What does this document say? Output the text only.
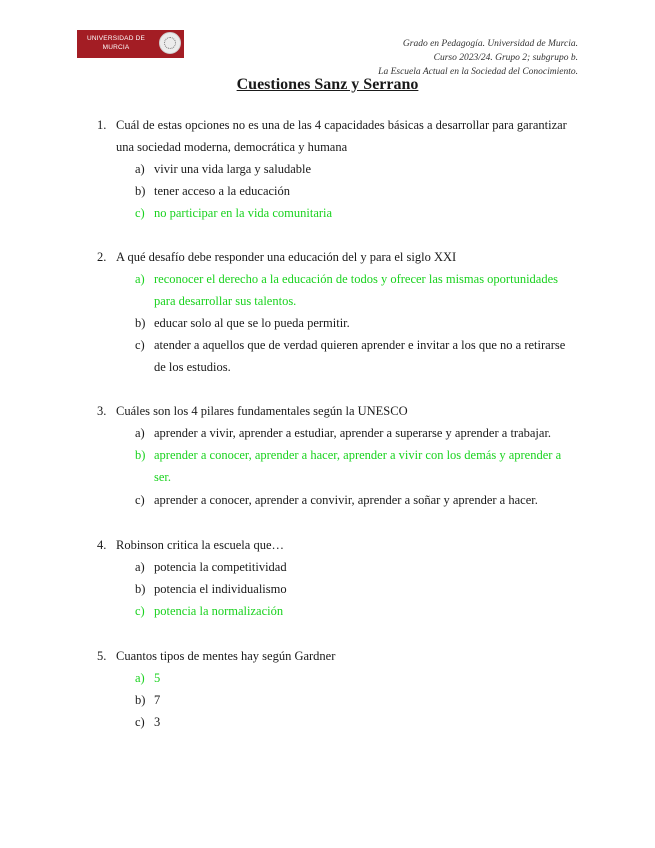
UNIVERSIDAD DE MURCIA	Grado en Pedagogía. Universidad de Murcia.
Curso 2023/24. Grupo 2; subgrupo b.
La Escuela Actual en la Sociedad del Conocimiento.
Cuestiones Sanz y Serrano
1. Cuál de estas opciones no es una de las 4 capacidades básicas a desarrollar para garantizar una sociedad moderna, democrática y humana
a) vivir una vida larga y saludable
b) tener acceso a la educación
c) no participar en la vida comunitaria
2. A qué desafío debe responder una educación del y para el siglo XXI
a) reconocer el derecho a la educación de todos y ofrecer las mismas oportunidades para desarrollar sus talentos.
b) educar solo al que se lo pueda permitir.
c) atender a aquellos que de verdad quieren aprender e invitar a los que no a retirarse de los estudios.
3. Cuáles son los 4 pilares fundamentales según la UNESCO
a) aprender a vivir, aprender a estudiar, aprender a superarse y aprender a trabajar.
b) aprender a conocer, aprender a hacer, aprender a vivir con los demás y aprender a ser.
c) aprender a conocer, aprender a convivir, aprender a soñar y aprender a hacer.
4. Robinson critica la escuela que…
a) potencia la competitividad
b) potencia el individualismo
c) potencia la normalización
5. Cuantos tipos de mentes hay según Gardner
a) 5
b) 7
c) 3
